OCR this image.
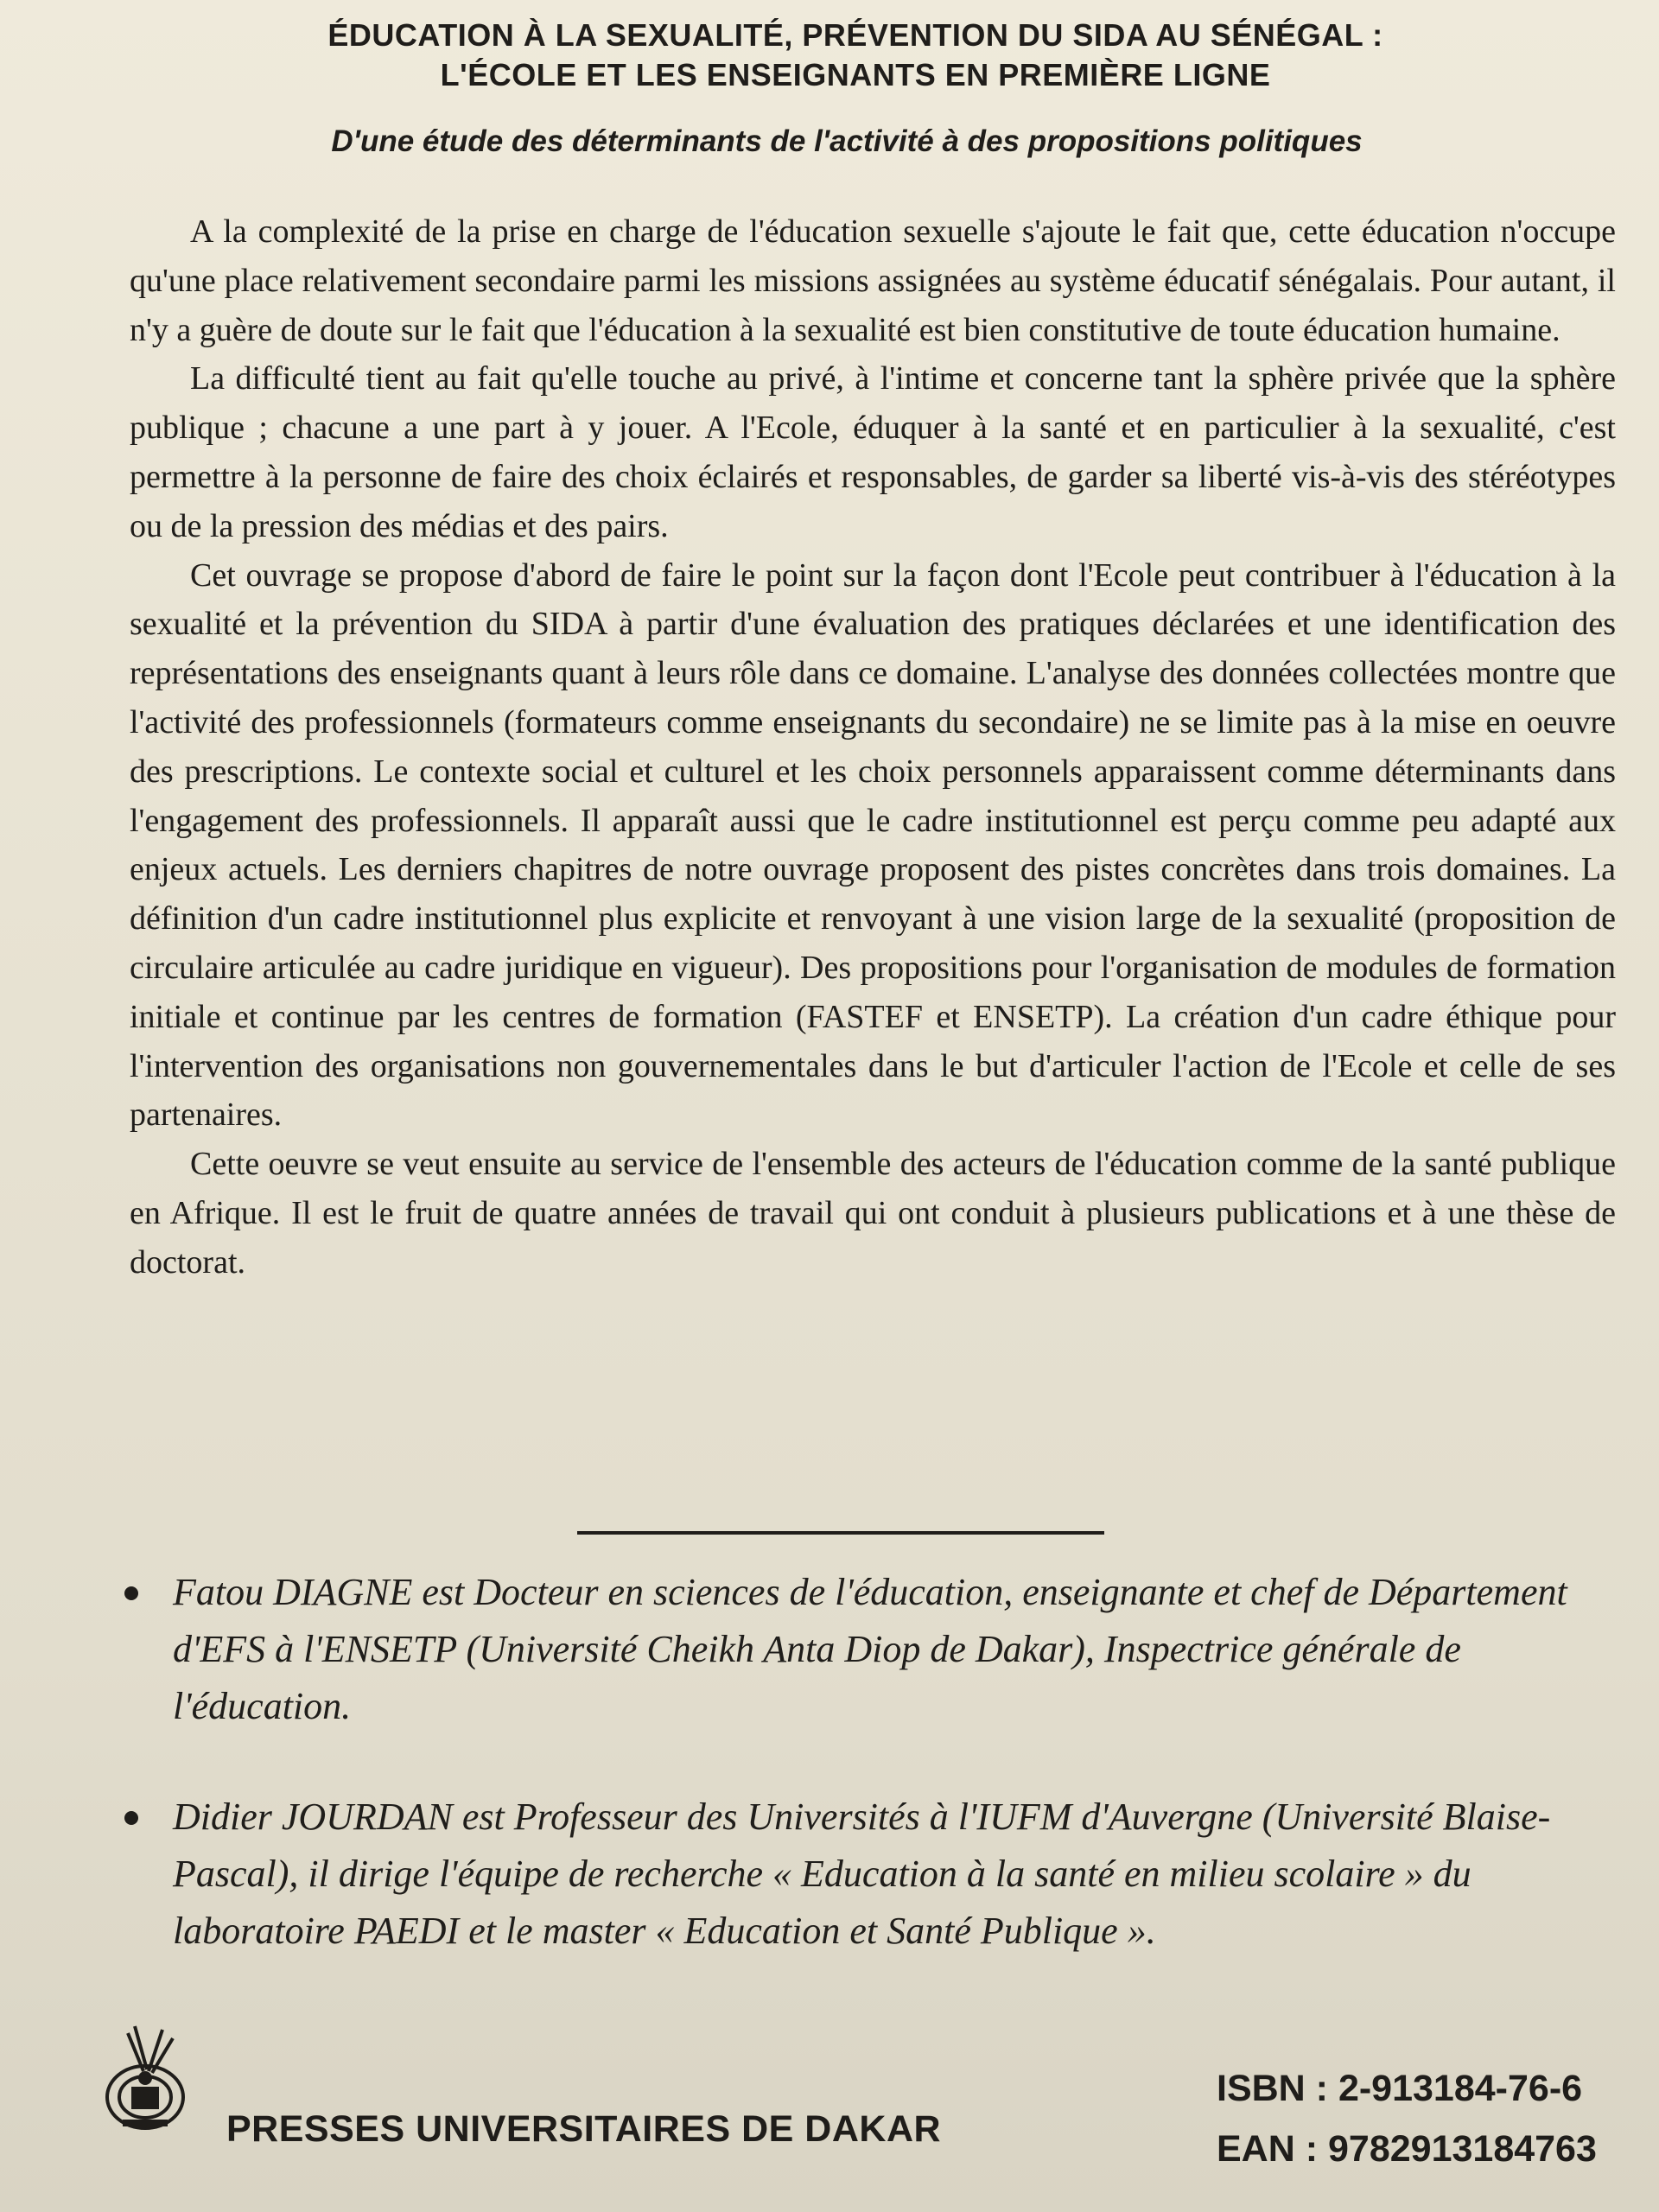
ÉDUCATION À LA SEXUALITÉ, PRÉVENTION DU SIDA AU SÉNÉGAL :
L'ÉCOLE ET LES ENSEIGNANTS EN PREMIÈRE LIGNE
D'une étude des déterminants de l'activité à des propositions politiques

A la complexité de la prise en charge de l'éducation sexuelle s'ajoute le fait que, cette éducation n'occupe qu'une place relativement secondaire parmi les missions assignées au système éducatif sénégalais. Pour autant, il n'y a guère de doute sur le fait que l'éducation à la sexualité est bien constitutive de toute éducation humaine.

La difficulté tient au fait qu'elle touche au privé, à l'intime et concerne tant la sphère privée que la sphère publique ; chacune a une part à y jouer. A l'Ecole, éduquer à la santé et en particulier à la sexualité, c'est permettre à la personne de faire des choix éclairés et responsables, de garder sa liberté vis-à-vis des stéréotypes ou de la pression des médias et des pairs.

Cet ouvrage se propose d'abord de faire le point sur la façon dont l'Ecole peut contribuer à l'éducation à la sexualité et la prévention du SIDA à partir d'une évaluation des pratiques déclarées et une identification des représentations des enseignants quant à leurs rôle dans ce domaine. L'analyse des données collectées montre que l'activité des professionnels (formateurs comme enseignants du secondaire) ne se limite pas à la mise en oeuvre des prescriptions. Le contexte social et culturel et les choix personnels apparaissent comme déterminants dans l'engagement des professionnels. Il apparaît aussi que le cadre institutionnel est perçu comme peu adapté aux enjeux actuels. Les derniers chapitres de notre ouvrage proposent des pistes concrètes dans trois domaines. La définition d'un cadre institutionnel plus explicite et renvoyant à une vision large de la sexualité (proposition de circulaire articulée au cadre juridique en vigueur). Des propositions pour l'organisation de modules de formation initiale et continue par les centres de formation (FASTEF et ENSETP). La création d'un cadre éthique pour l'intervention des organisations non gouvernementales dans le but d'articuler l'action de l'Ecole et celle de ses partenaires.

Cette oeuvre se veut ensuite au service de l'ensemble des acteurs de l'éducation comme de la santé publique en Afrique. Il est le fruit de quatre années de travail qui ont conduit à plusieurs publications et à une thèse de doctorat.

Fatou DIAGNE est Docteur en sciences de l'éducation, enseignante et chef de Département d'EFS à l'ENSETP (Université Cheikh Anta Diop de Dakar), Inspectrice générale de l'éducation.
Didier JOURDAN est Professeur des Universités à l'IUFM d'Auvergne (Université Blaise-Pascal), il dirige l'équipe de recherche « Education à la santé en milieu scolaire » du laboratoire PAEDI et le master « Education et Santé Publique ».
PRESSES UNIVERSITAIRES DE DAKAR
ISBN : 2-913184-76-6
EAN : 9782913184763
